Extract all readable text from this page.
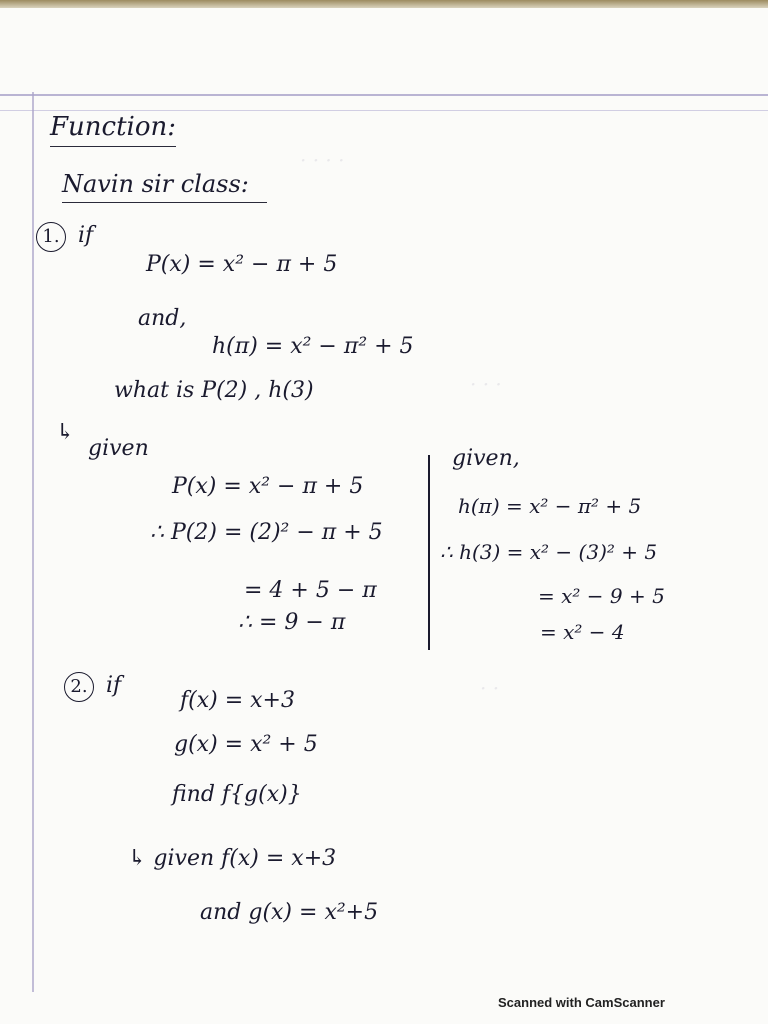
· · · ·
· · ·
· ·
Function:
Navin sir class:
1. if
P(x) = x² − π + 5
and,
h(π) = x² − π² + 5
what is P(2) , h(3)
↳
given
P(x) = x² − π + 5
∴ P(2) = (2)² − π + 5
= 4 + 5 − π
∴ = 9 − π
given,
h(π) = x² − π² + 5
∴ h(3) = x² − (3)² + 5
= x² − 9 + 5
= x² − 4
2. if
f(x) = x+3
g(x) = x² + 5
find f{g(x)}
↳ given f(x) = x+3
and g(x) = x²+5
Scanned with CamScanner
